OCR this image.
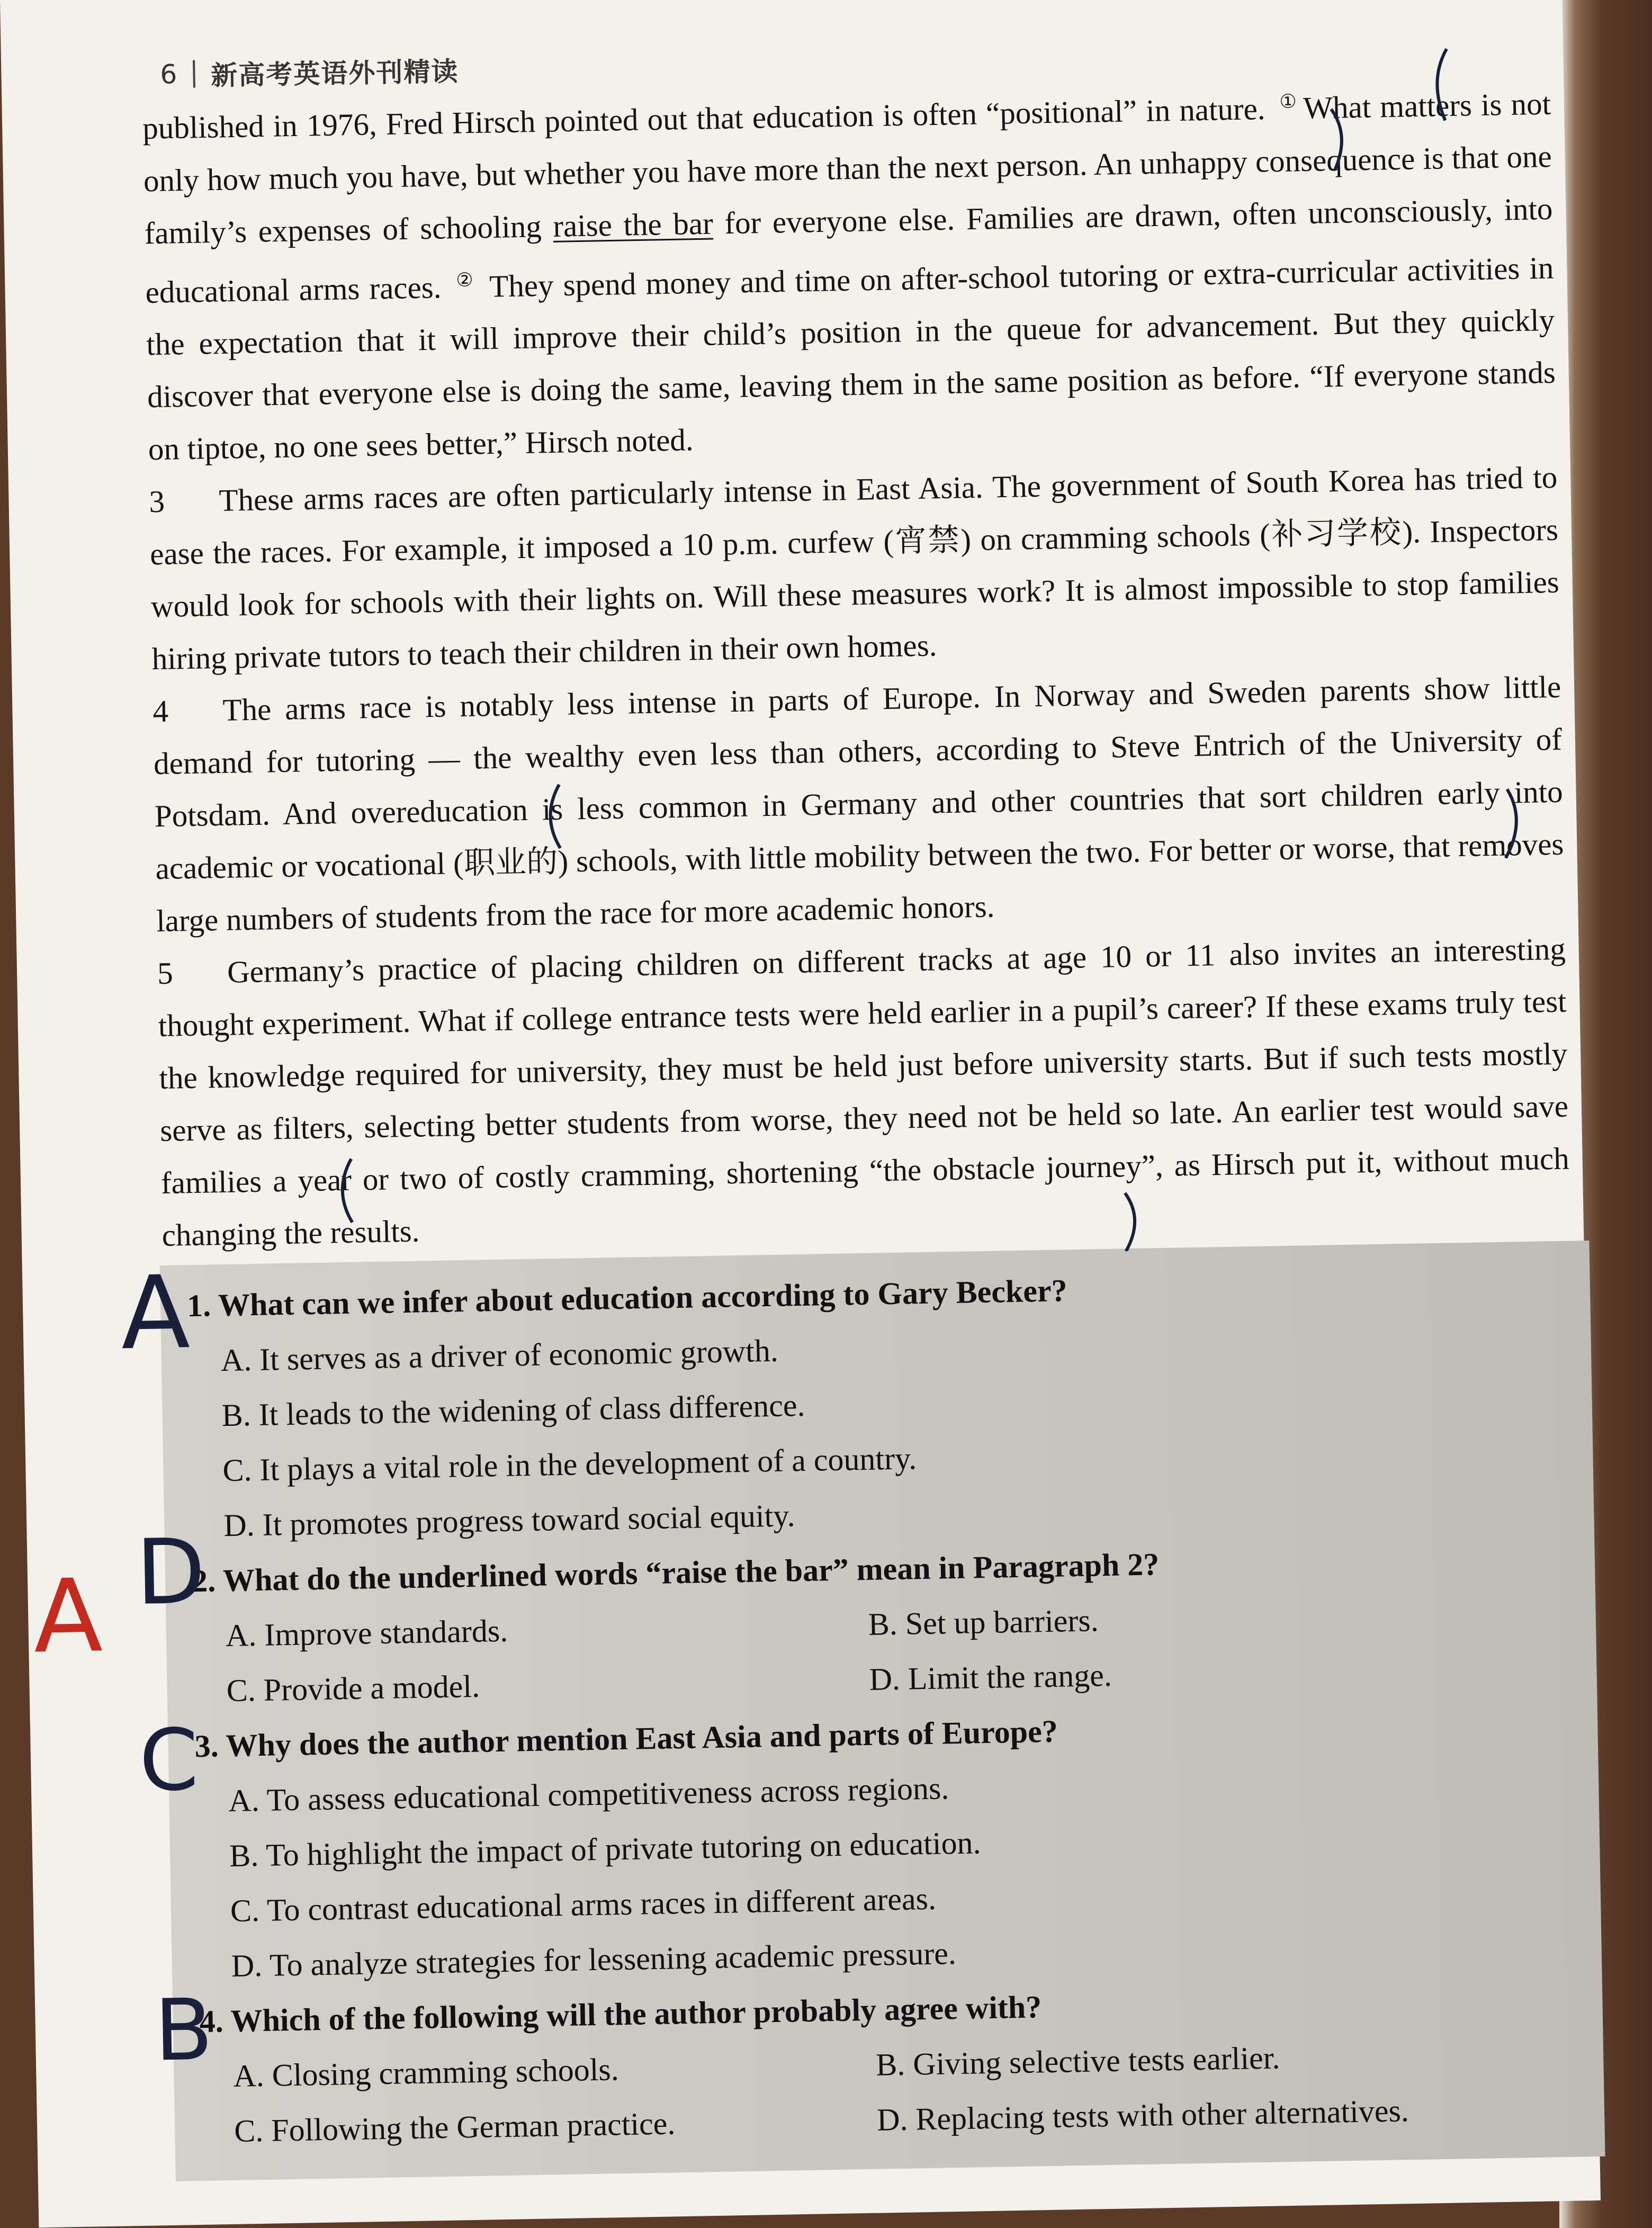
6 新高考英语外刊精读

published in 1976, Fred Hirsch pointed out that education is often “positional” in nature. ① What matters is not only how much you have, but whether you have more than the next person. An unhappy consequence is that one family’s expenses of schooling raise the bar for everyone else. Families are drawn, often unconsciously, into educational arms races. ② They spend money and time on after-school tutoring or extra-curricular activities in the expectation that it will improve their child’s position in the queue for advancement. But they quickly discover that everyone else is doing the same, leaving them in the same position as before. “If everyone stands on tiptoe, no one sees better,” Hirsch noted.

3 These arms races are often particularly intense in East Asia. The government of South Korea has tried to ease the races. For example, it imposed a 10 p.m. curfew (宵禁) on cramming schools (补习学校). Inspectors would look for schools with their lights on. Will these measures work? It is almost impossible to stop families hiring private tutors to teach their children in their own homes.

4 The arms race is notably less intense in parts of Europe. In Norway and Sweden parents show little demand for tutoring — the wealthy even less than others, according to Steve Entrich of the University of Potsdam. And overeducation is less common in Germany and other countries that sort children early into academic or vocational (职业的) schools, with little mobility between the two. For better or worse, that removes large numbers of students from the race for more academic honors.

5 Germany’s practice of placing children on different tracks at age 10 or 11 also invites an interesting thought experiment. What if college entrance tests were held earlier in a pupil’s career? If these exams truly test the knowledge required for university, they must be held just before university starts. But if such tests mostly serve as filters, selecting better students from worse, they need not be held so late. An earlier test would save families a year or two of costly cramming, shortening “the obstacle journey”, as Hirsch put it, without much changing the results.

1. What can we infer about education according to Gary Becker?
A. It serves as a driver of economic growth.
B. It leads to the widening of class difference.
C. It plays a vital role in the development of a country.
D. It promotes progress toward social equity.
2. What do the underlined words “raise the bar” mean in Paragraph 2?
A. Improve standards.	B. Set up barriers.
C. Provide a model.	D. Limit the range.
3. Why does the author mention East Asia and parts of Europe?
A. To assess educational competitiveness across regions.
B. To highlight the impact of private tutoring on education.
C. To contrast educational arms races in different areas.
D. To analyze strategies for lessening academic pressure.
4. Which of the following will the author probably agree with?
A. Closing cramming schools.	B. Giving selective tests earlier.
C. Following the German practice.	D. Replacing tests with other alternatives.
A
D
A
C
B
